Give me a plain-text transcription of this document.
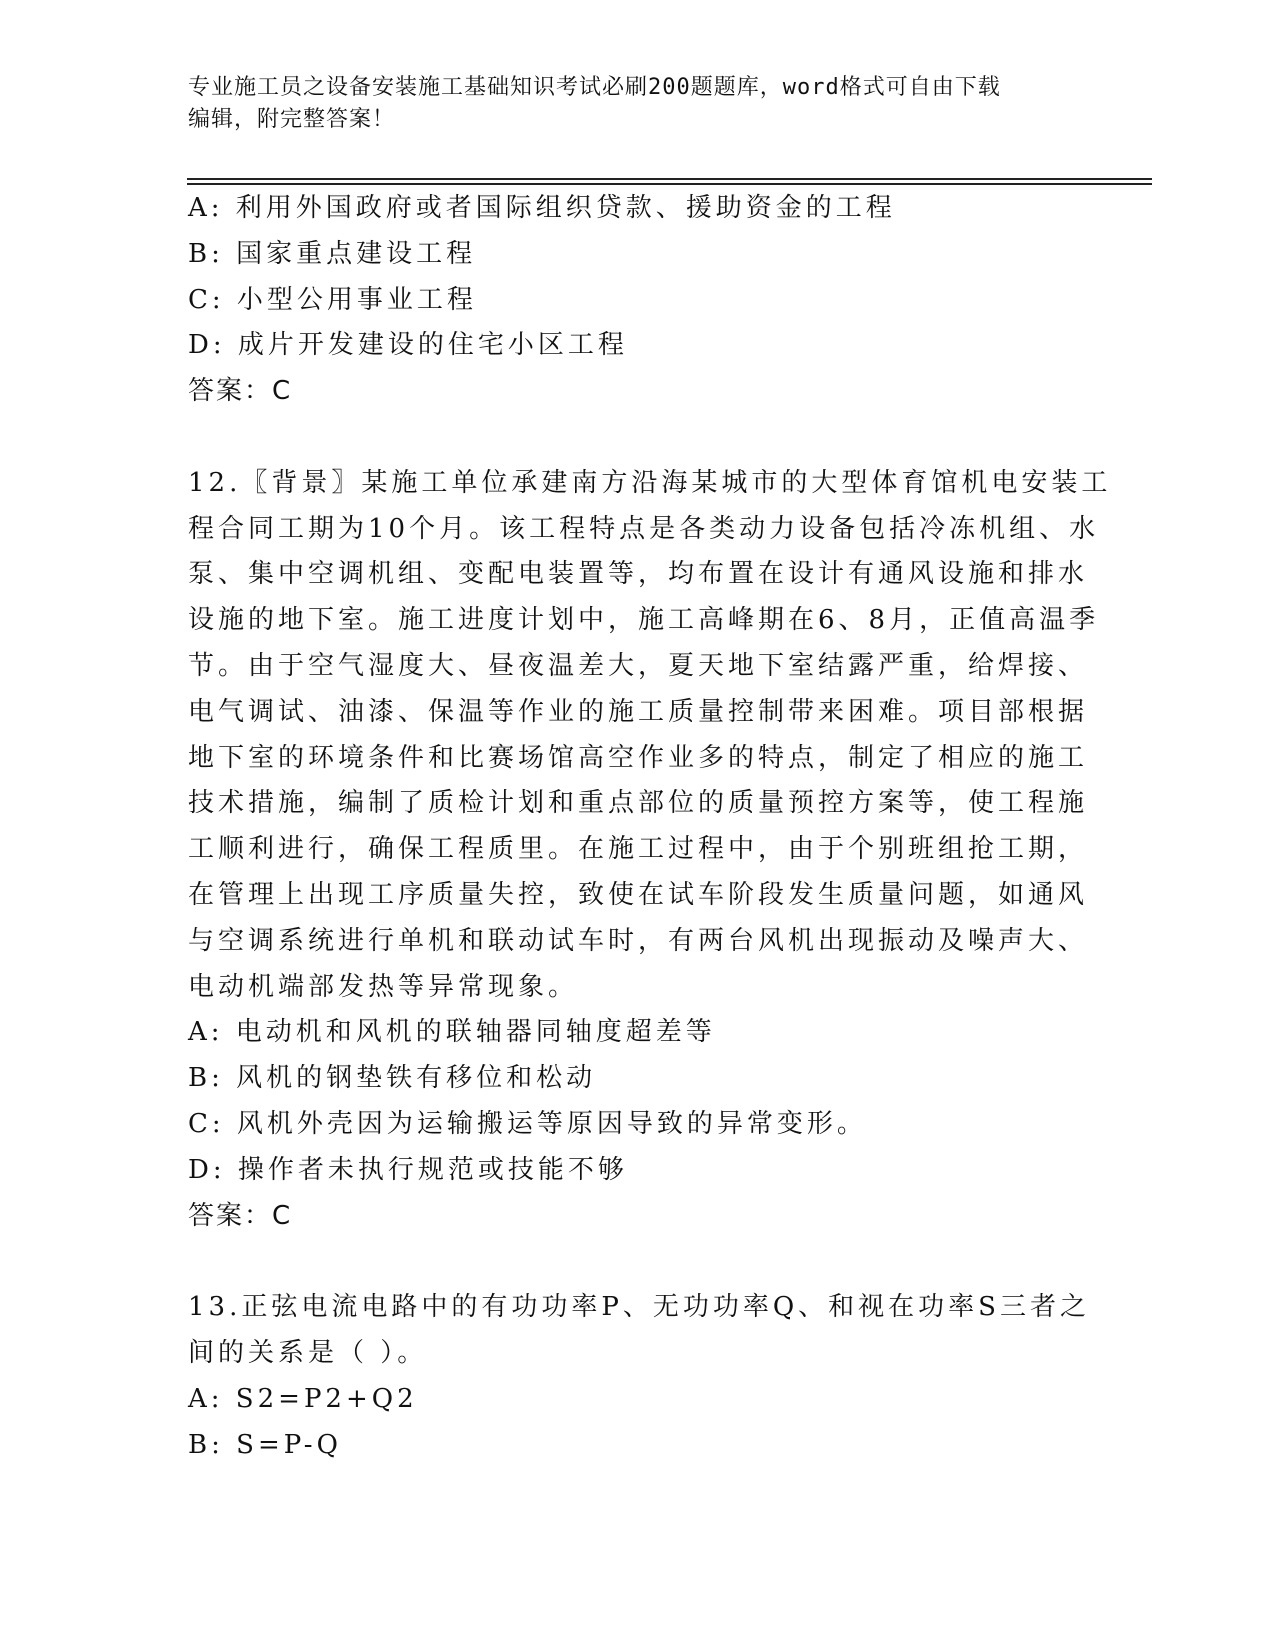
专业施工员之设备安装施工基础知识考试必刷200题题库，word格式可自由下载
编辑，附完整答案！
A: 利用外国政府或者国际组织贷款、援助资金的工程
B: 国家重点建设工程
C: 小型公用事业工程
D: 成片开发建设的住宅小区工程
答案：C
12.〖背景〗某施工单位承建南方沿海某城市的大型体育馆机电安装工
程合同工期为10个月。该工程特点是各类动力设备包括冷冻机组、水
泵、集中空调机组、变配电装置等，均布置在设计有通风设施和排水
设施的地下室。施工进度计划中，施工高峰期在6、8月，正值高温季
节。由于空气湿度大、昼夜温差大，夏天地下室结露严重，给焊接、
电气调试、油漆、保温等作业的施工质量控制带来困难。项目部根据
地下室的环境条件和比赛场馆高空作业多的特点，制定了相应的施工
技术措施，编制了质检计划和重点部位的质量预控方案等，使工程施
工顺利进行，确保工程质里。在施工过程中，由于个别班组抢工期，
在管理上出现工序质量失控，致使在试车阶段发生质量问题，如通风
与空调系统进行单机和联动试车时，有两台风机出现振动及噪声大、
电动机端部发热等异常现象。
A: 电动机和风机的联轴器同轴度超差等
B: 风机的钢垫铁有移位和松动
C: 风机外壳因为运输搬运等原因导致的异常变形。
D: 操作者未执行规范或技能不够
答案：C
13.正弦电流电路中的有功功率P、无功功率Q、和视在功率S三者之
间的关系是（ ）。
A: S2=P2+Q2
B: S=P-Q
